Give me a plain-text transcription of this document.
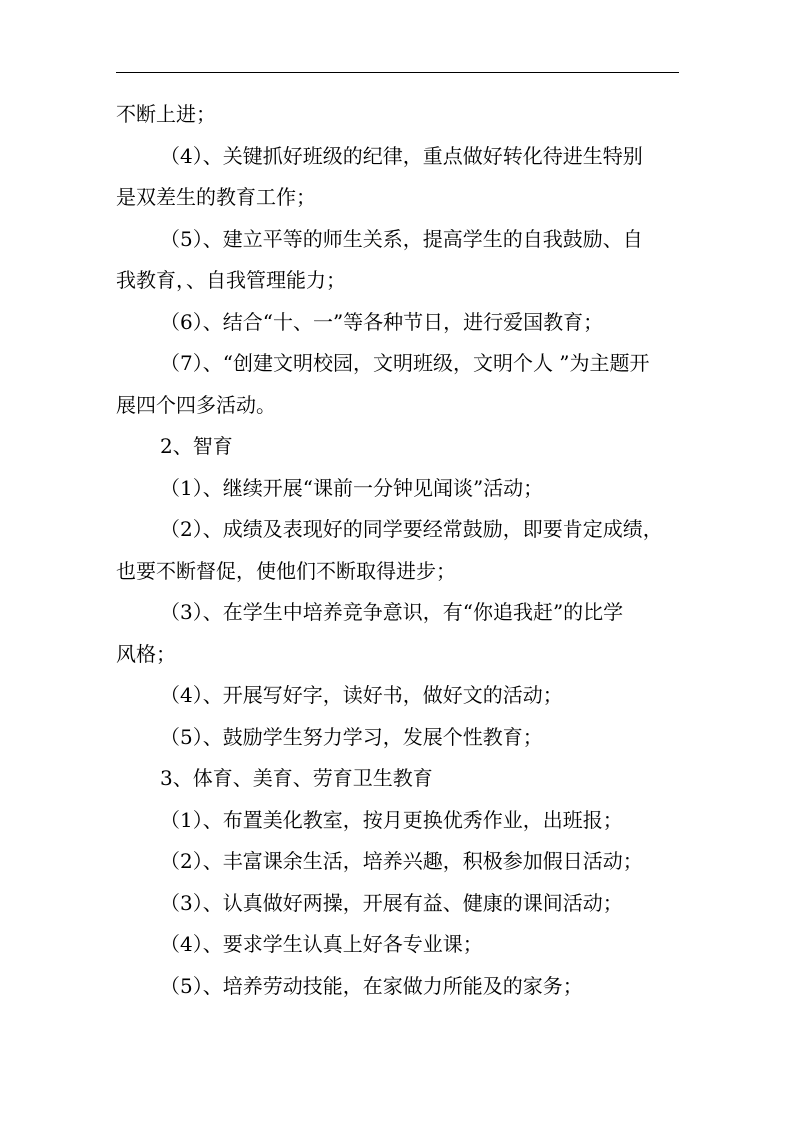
不断上进；

（4）、关键抓好班级的纪律，重点做好转化待进生特别

是双差生的教育工作；

（5）、建立平等的师生关系，提高学生的自我鼓励、自

我教育，、自我管理能力；

（6）、结合“十、一”等各种节日，进行爱国教育；

（7）、“创建文明校园，文明班级，文明个人 ”为主题开

展四个四多活动。

2、智育

（1）、继续开展“课前一分钟见闻谈”活动；

（2）、成绩及表现好的同学要经常鼓励，即要肯定成绩，

也要不断督促，使他们不断取得进步；

（3）、在学生中培养竞争意识，有“你追我赶”的比学

风格；

（4）、开展写好字，读好书，做好文的活动；

（5）、鼓励学生努力学习，发展个性教育；

3、体育、美育、劳育卫生教育

（1）、布置美化教室，按月更换优秀作业，出班报；

（2）、丰富课余生活，培养兴趣，积极参加假日活动；

（3）、认真做好两操，开展有益、健康的课间活动；

（4）、要求学生认真上好各专业课；

（5）、培养劳动技能，在家做力所能及的家务；
